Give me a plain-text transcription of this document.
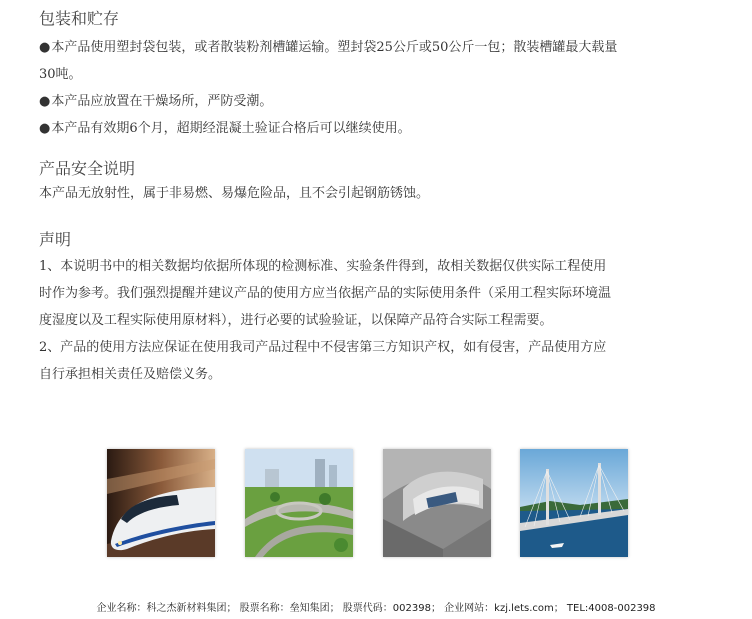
包装和贮存

● 本产品使用塑封袋包装，或者散装粉剂槽罐运输。塑封袋25公斤或50公斤一包；散装槽罐最大载量

30吨。

● 本产品应放置在干燥场所，严防受潮。

● 本产品有效期6个月，超期经混凝土验证合格后可以继续使用。

产品安全说明

本产品无放射性，属于非易燃、易爆危险品，且不会引起钢筋锈蚀。

声明

1、本说明书中的相关数据均依据所体现的检测标准、实验条件得到，故相关数据仅供实际工程使用

时作为参考。我们强烈提醒并建议产品的使用方应当依据产品的实际使用条件（采用工程实际环境温

度湿度以及工程实际使用原材料），进行必要的试验验证，以保障产品符合实际工程需要。

2、产品的使用方法应保证在使用我司产品过程中不侵害第三方知识产权，如有侵害，产品使用方应

自行承担相关责任及赔偿义务。

企业名称：科之杰新材料集团； 股票名称：垒知集团； 股票代码：002398； 企业网站：kzj.lets.com； TEL:4008-002398
